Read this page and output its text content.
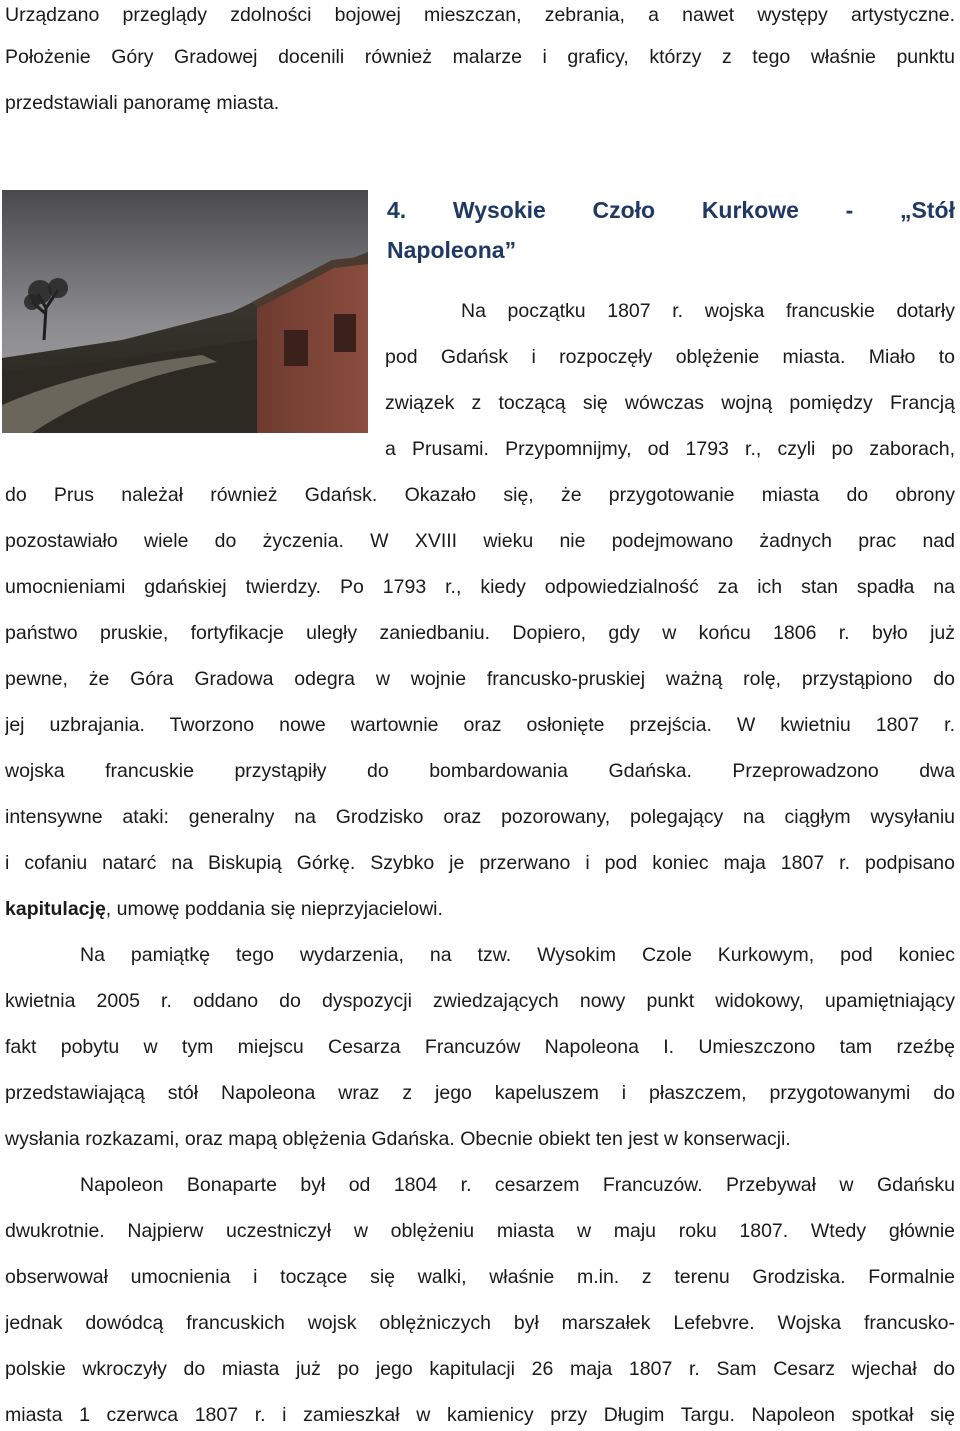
Urządzano przeglądy zdolności bojowej mieszczan, zebrania, a nawet występy artystyczne.

Położenie Góry Gradowej docenili również malarze i graficy, którzy z tego właśnie punktu

przedstawiali panoramę miasta.

4. Wysokie Czoło Kurkowe - „Stół
Napoleona”

Na początku 1807 r. wojska francuskie dotarły

pod Gdańsk i rozpoczęły oblężenie miasta. Miało to

związek z toczącą się wówczas wojną pomiędzy Francją

a Prusami. Przypomnijmy, od 1793 r., czyli po zaborach,

do Prus należał również Gdańsk. Okazało się, że przygotowanie miasta do obrony

pozostawiało wiele do życzenia. W XVIII wieku nie podejmowano żadnych prac nad

umocnieniami gdańskiej twierdzy. Po 1793 r., kiedy odpowiedzialność za ich stan spadła na

państwo pruskie, fortyfikacje uległy zaniedbaniu. Dopiero, gdy w końcu 1806 r. było już

pewne, że Góra Gradowa odegra w wojnie francusko-pruskiej ważną rolę, przystąpiono do

jej uzbrajania. Tworzono nowe wartownie oraz osłonięte przejścia. W kwietniu 1807 r.

wojska francuskie przystąpiły do bombardowania Gdańska. Przeprowadzono dwa

intensywne ataki: generalny na Grodzisko oraz pozorowany, polegający na ciągłym wysyłaniu

i cofaniu natarć na Biskupią Górkę. Szybko je przerwano i pod koniec maja 1807 r. podpisano

kapitulację, umowę poddania się nieprzyjacielowi.

Na pamiątkę tego wydarzenia, na tzw. Wysokim Czole Kurkowym, pod koniec

kwietnia 2005 r. oddano do dyspozycji zwiedzających nowy punkt widokowy, upamiętniający

fakt pobytu w tym miejscu Cesarza Francuzów Napoleona I. Umieszczono tam rzeźbę

przedstawiającą stół Napoleona wraz z jego kapeluszem i płaszczem, przygotowanymi do

wysłania rozkazami, oraz mapą oblężenia Gdańska. Obecnie obiekt ten jest w konserwacji.

Napoleon Bonaparte był od 1804 r. cesarzem Francuzów. Przebywał w Gdańsku

dwukrotnie. Najpierw uczestniczył w oblężeniu miasta w maju roku 1807. Wtedy głównie

obserwował umocnienia i toczące się walki, właśnie m.in. z terenu Grodziska. Formalnie

jednak dowódcą francuskich wojsk oblężniczych był marszałek Lefebvre. Wojska francusko-

polskie wkroczyły do miasta już po jego kapitulacji 26 maja 1807 r. Sam Cesarz wjechał do

miasta 1 czerwca 1807 r. i zamieszkał w kamienicy przy Długim Targu. Napoleon spotkał się
